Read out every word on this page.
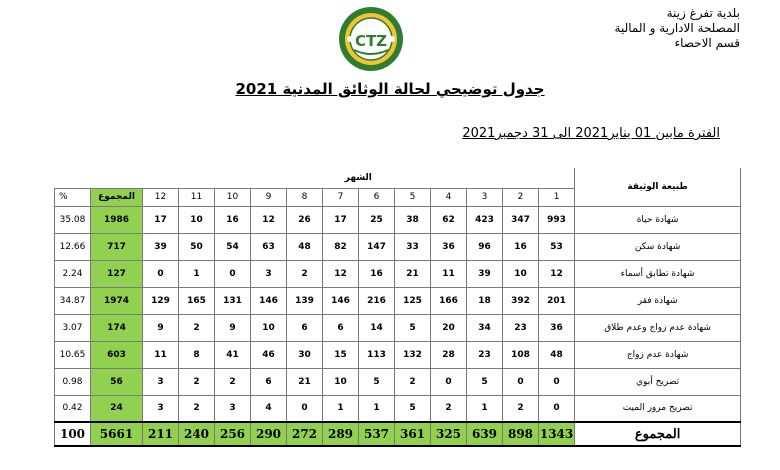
بلدية تفرغ زينة
المصلحة الادارية و المالية
قسم الاحصاء
CTZ
جدول توضيحي لحالة الوثائق المدنية 2021
الفترة مابين 01 يناير2021 الى 31 دجمبر2021
		الشهر												طبيعة الوثيقة
%	المجموع	12	11	10	9	8	7	6	5	4	3	2	1	
35.08	1986	17	10	16	12	26	17	25	38	62	423	347	993	شهادة حياة
12.66	717	39	50	54	63	48	82	147	33	36	96	16	53	شهادة سكن
2.24	127	0	1	0	3	2	12	16	21	11	39	10	12	شهادة تطابق أسماء
34.87	1974	129	165	131	146	139	146	216	125	166	18	392	201	شهادة فقر
3.07	174	9	2	9	10	6	6	14	5	20	34	23	36	شهادة عدم زواج وعدم طلاق
10.65	603	11	8	41	46	30	15	113	132	28	23	108	48	شهادة عدم زواج
0.98	56	3	2	2	6	21	10	5	2	0	5	0	0	تصريح أبوي
0.42	24	3	2	3	4	0	1	1	5	2	1	2	0	تصريح مرور الميت
100	5661	211	240	256	290	272	289	537	361	325	639	898	1343	المجموع
